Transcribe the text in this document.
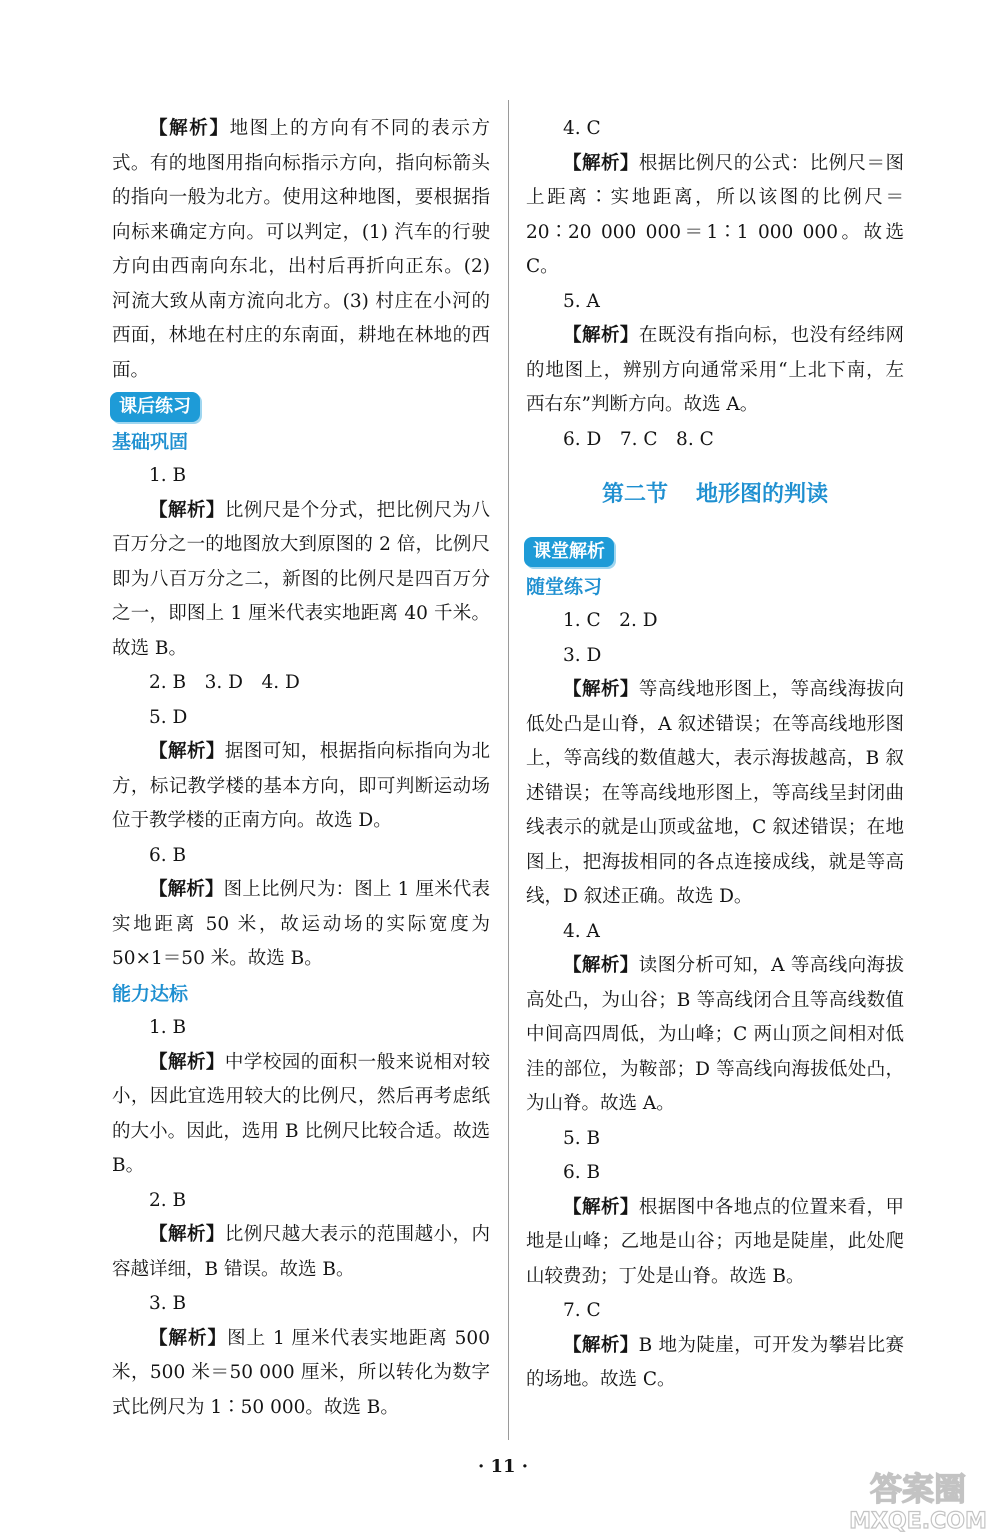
【解析】地图上的方向有不同的表示方式。有的地图用指向标指示方向，指向标箭头的指向一般为北方。使用这种地图，要根据指向标来确定方向。可以判定，(1) 汽车的行驶方向由西南向东北，出村后再折向正东。(2) 河流大致从南方流向北方。(3) 村庄在小河的西面，林地在村庄的东南面，耕地在林地的西面。

课后练习
基础巩固

1. B

【解析】比例尺是个分式，把比例尺为八百万分之一的地图放大到原图的 2 倍，比例尺即为八百万分之二，新图的比例尺是四百万分之一，即图上 1 厘米代表实地距离 40 千米。故选 B。

2. B　3. D　4. D

5. D

【解析】据图可知，根据指向标指向为北方，标记教学楼的基本方向，即可判断运动场位于教学楼的正南方向。故选 D。

6. B

【解析】图上比例尺为：图上 1 厘米代表实地距离 50 米，故运动场的实际宽度为 50×1＝50 米。故选 B。

能力达标

1. B

【解析】中学校园的面积一般来说相对较小，因此宜选用较大的比例尺，然后再考虑纸的大小。因此，选用 B 比例尺比较合适。故选 B。

2. B

【解析】比例尺越大表示的范围越小，内容越详细，B 错误。故选 B。

3. B

【解析】图上 1 厘米代表实地距离 500 米，500 米＝50 000 厘米，所以转化为数字式比例尺为 1∶50 000。故选 B。

4. C

【解析】根据比例尺的公式：比例尺＝图上距离∶实地距离，所以该图的比例尺＝20∶20 000 000＝1∶1 000 000。故选 C。

5. A

【解析】在既没有指向标，也没有经纬网的地图上，辨别方向通常采用“上北下南，左西右东”判断方向。故选 A。

6. D　7. C　8. C

第二节 地形图的判读
课堂解析
随堂练习

1. C　2. D

3. D

【解析】等高线地形图上，等高线海拔向低处凸是山脊，A 叙述错误；在等高线地形图上，等高线的数值越大，表示海拔越高，B 叙述错误；在等高线地形图上，等高线呈封闭曲线表示的就是山顶或盆地，C 叙述错误；在地图上，把海拔相同的各点连接成线，就是等高线，D 叙述正确。故选 D。

4. A

【解析】读图分析可知，A 等高线向海拔高处凸，为山谷；B 等高线闭合且等高线数值中间高四周低，为山峰；C 两山顶之间相对低洼的部位，为鞍部；D 等高线向海拔低处凸，为山脊。故选 A。

5. B

6. B

【解析】根据图中各地点的位置来看，甲地是山峰；乙地是山谷；丙地是陡崖，此处爬山较费劲；丁处是山脊。故选 B。

7. C

【解析】B 地为陡崖，可开发为攀岩比赛的场地。故选 C。

· 11 ·
答案圈
MXQE.COM
